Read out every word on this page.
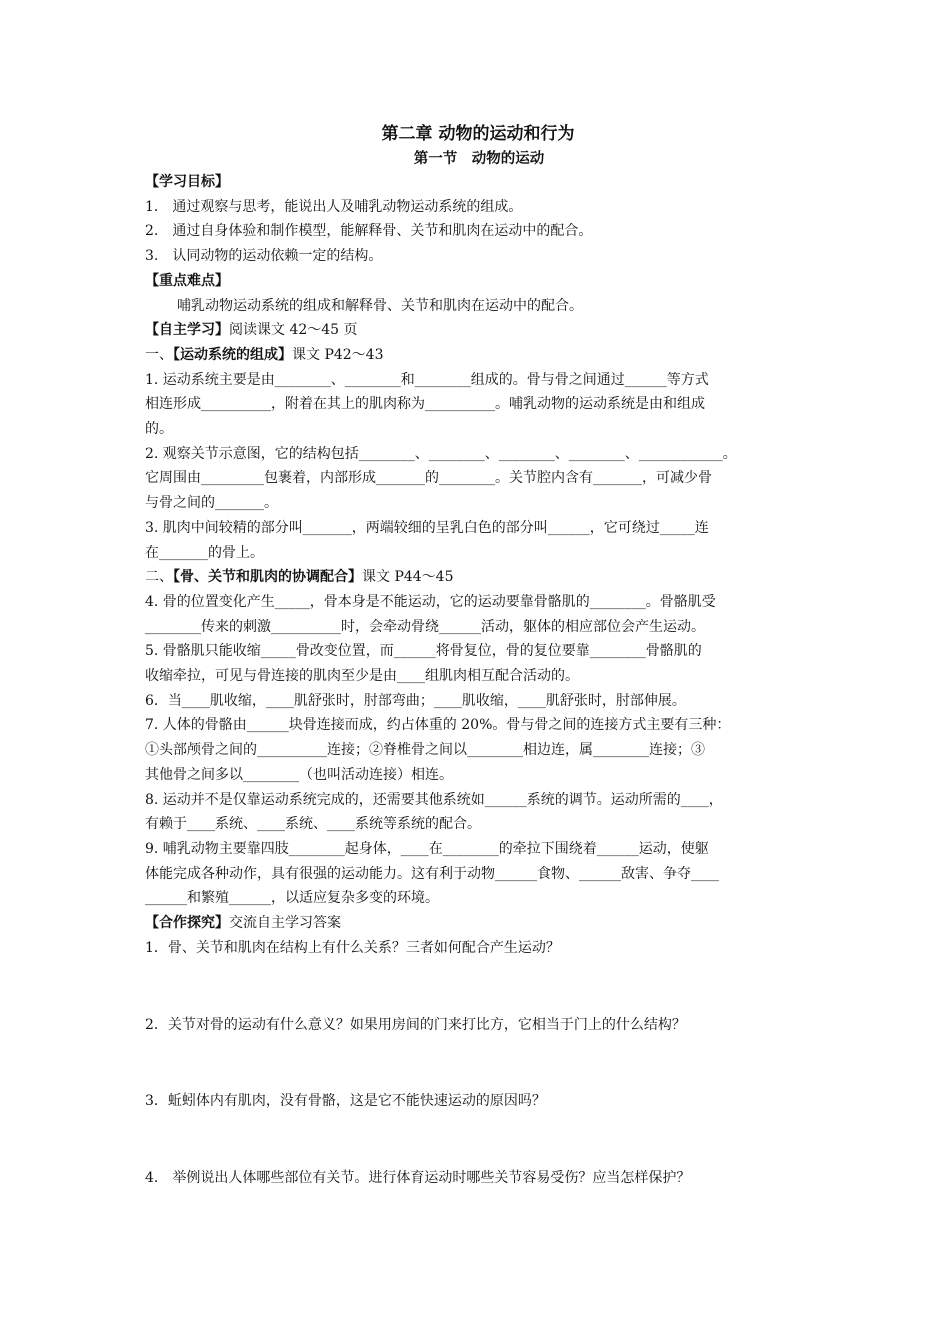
第二章 动物的运动和行为
第一节　动物的运动
【学习目标】
1.　通过观察与思考，能说出人及哺乳动物运动系统的组成。
2.　通过自身体验和制作模型，能解释骨、关节和肌肉在运动中的配合。
3.　认同动物的运动依赖一定的结构。
【重点难点】
哺乳动物运动系统的组成和解释骨、关节和肌肉在运动中的配合。
【自主学习】阅读课文 42～45 页
一、【运动系统的组成】课文 P42～43
1. 运动系统主要是由________、________和________组成的。骨与骨之间通过______等方式
相连形成__________，附着在其上的肌肉称为__________。哺乳动物的运动系统是由和组成
的。
2. 观察关节示意图，它的结构包括________、________、________、________、____________。
它周围由_________包裹着，内部形成_______的________。关节腔内含有_______，可减少骨
与骨之间的_______。
3. 肌肉中间较精的部分叫_______，两端较细的呈乳白色的部分叫______，它可绕过_____连
在_______的骨上。
二、【骨、关节和肌肉的协调配合】课文 P44～45
4. 骨的位置变化产生_____，骨本身是不能运动，它的运动要靠骨骼肌的________。骨骼肌受
________传来的刺激__________时，会牵动骨绕______活动，躯体的相应部位会产生运动。
5. 骨骼肌只能收缩_____骨改变位置，而______将骨复位，骨的复位要靠________骨骼肌的
收缩牵拉，可见与骨连接的肌肉至少是由____组肌肉相互配合活动的。
6．当____肌收缩，____肌舒张时，肘部弯曲；____肌收缩，____肌舒张时，肘部伸展。
7. 人体的骨骼由______块骨连接而成，约占体重的 20%。骨与骨之间的连接方式主要有三种：
①头部颅骨之间的__________连接；②脊椎骨之间以________相边连，属________连接；③
其他骨之间多以________（也叫活动连接）相连。
8. 运动并不是仅靠运动系统完成的，还需要其他系统如______系统的调节。运动所需的____，
有赖于____系统、____系统、____系统等系统的配合。
9. 哺乳动物主要靠四肢________起身体，____在________的牵拉下围绕着______运动，使躯
体能完成各种动作，具有很强的运动能力。这有利于动物______食物、______敌害、争夺____
______和繁殖______，以适应复杂多变的环境。
【合作探究】交流自主学习答案
1．骨、关节和肌肉在结构上有什么关系？三者如何配合产生运动？
2．关节对骨的运动有什么意义？如果用房间的门来打比方，它相当于门上的什么结构？
3．蚯蚓体内有肌肉，没有骨骼，这是它不能快速运动的原因吗？
4.　举例说出人体哪些部位有关节。进行体育运动时哪些关节容易受伤？应当怎样保护？
